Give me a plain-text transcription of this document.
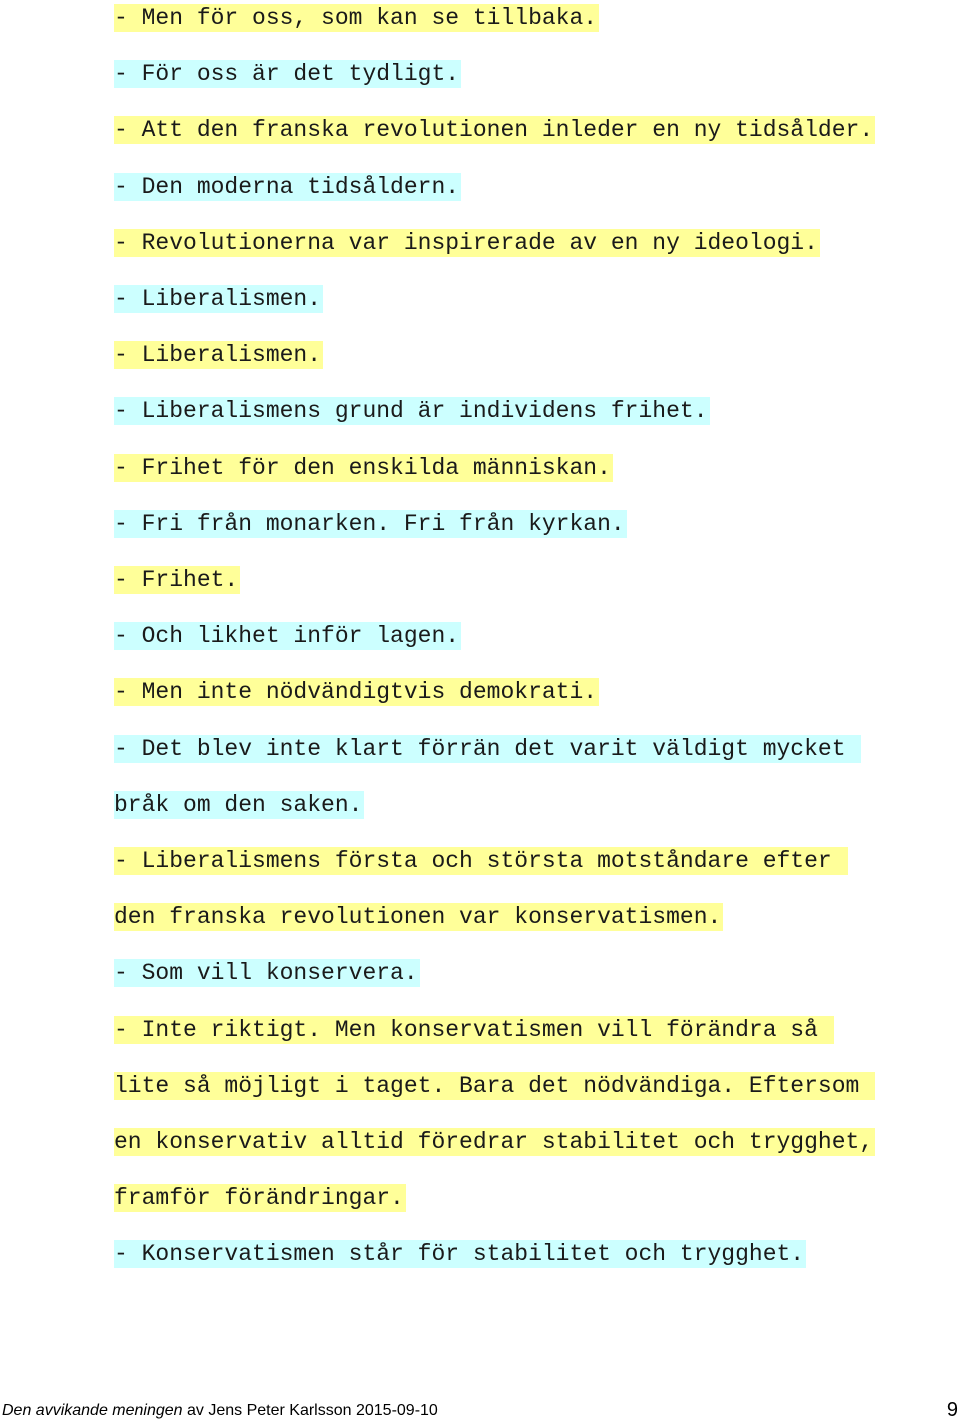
- Men för oss, som kan se tillbaka.
- För oss är det tydligt.
- Att den franska revolutionen inleder en ny tidsålder.
- Den moderna tidsåldern.
- Revolutionerna var inspirerade av en ny ideologi.
- Liberalismen.
- Liberalismen.
- Liberalismens grund är individens frihet.
- Frihet för den enskilda människan.
- Fri från monarken. Fri från kyrkan.
- Frihet.
- Och likhet inför lagen.
- Men inte nödvändigtvis demokrati.
- Det blev inte klart förrän det varit väldigt mycket
bråk om den saken.
- Liberalismens första och största motståndare efter
den franska revolutionen var konservatismen.
- Som vill konservera.
- Inte riktigt. Men konservatismen vill förändra så
lite så möjligt i taget. Bara det nödvändiga. Eftersom
en konservativ alltid föredrar stabilitet och trygghet,
framför förändringar.
- Konservatismen står för stabilitet och trygghet.
Den avvikande meningen av Jens Peter Karlsson 2015-09-10	9
